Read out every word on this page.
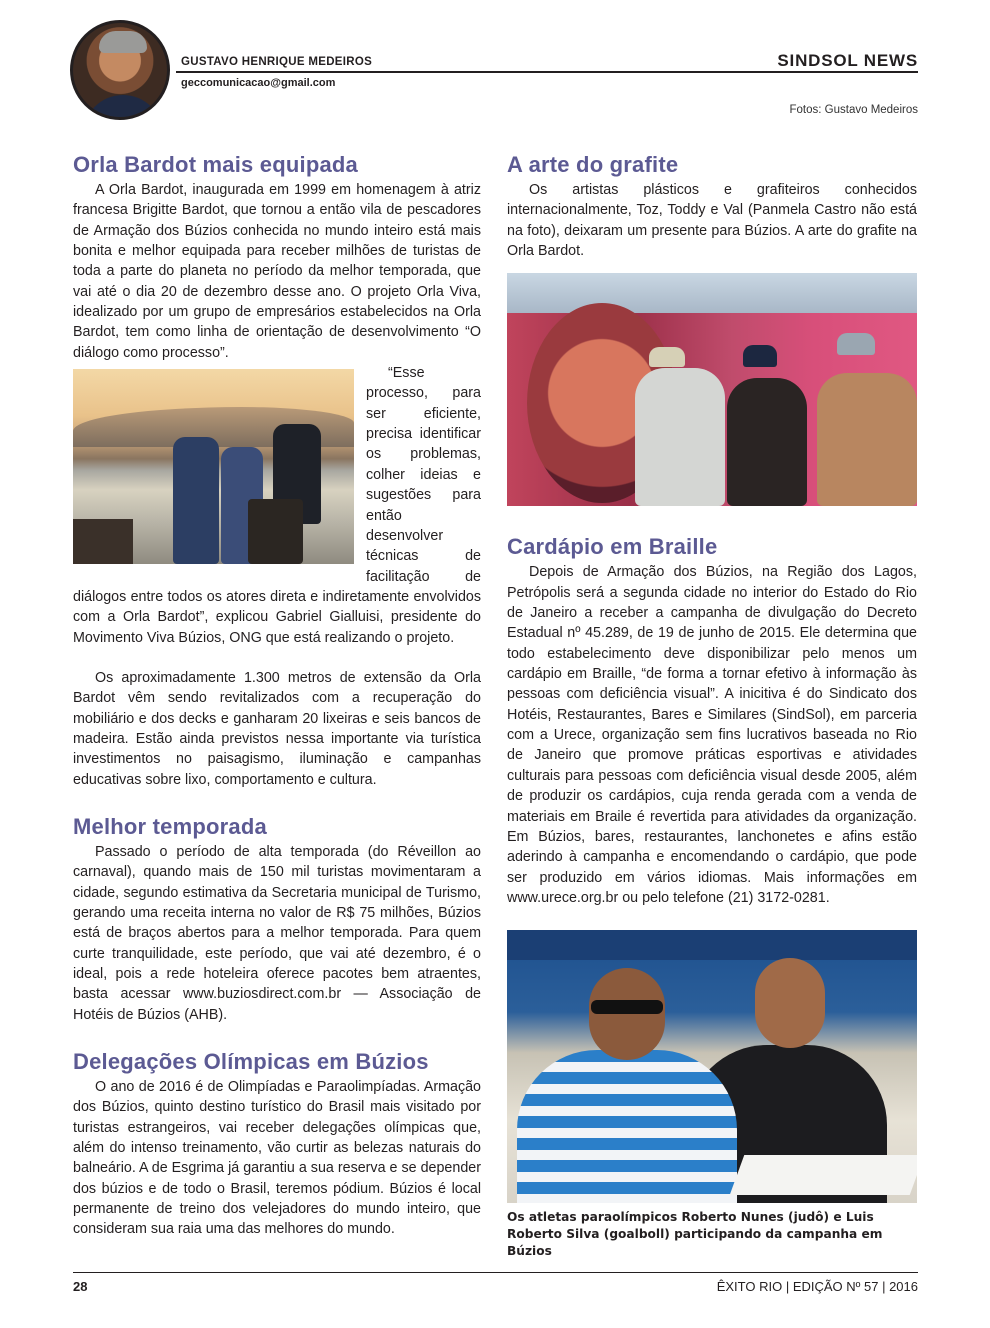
GUSTAVO HENRIQUE MEDEIROS
geccomunicacao@gmail.com
SINDSOL NEWS
Fotos: Gustavo Medeiros
Orla Bardot mais equipada

A Orla Bardot, inaugurada em 1999 em homenagem à atriz francesa Brigitte Bardot, que tornou a então vila de pescadores de Armação dos Búzios conhecida no mundo inteiro está mais bonita e melhor equipada para receber milhões de turistas de toda a parte do planeta no período da melhor temporada, que vai até o dia 20 de dezembro desse ano. O projeto Orla Viva, idealizado por um grupo de empresários estabelecidos na Orla Bardot, tem como linha de orientação de desenvolvimento “O diálogo como processo”.

“Esse processo, para ser eficiente, precisa identificar os problemas, colher ideias e sugestões para então desenvolver técnicas de facilitação de diálogos entre todos os atores direta e indiretamente envolvidos com a Orla Bardot”, explicou Gabriel Gialluisi, presidente do Movimento Viva Búzios, ONG que está realizando o projeto.

Os aproximadamente 1.300 metros de extensão da Orla Bardot vêm sendo revitalizados com a recuperação do mobiliário e dos decks e ganharam 20 lixeiras e seis bancos de madeira. Estão ainda previstos nessa importante via turística investimentos no paisagismo, iluminação e campanhas educativas sobre lixo, comportamento e cultura.

Melhor temporada

Passado o período de alta temporada (do Réveillon ao carnaval), quando mais de 150 mil turistas movimentaram a cidade, segundo estimativa da Secretaria municipal de Turismo, gerando uma receita interna no valor de R$ 75 milhões, Búzios está de braços abertos para a melhor temporada. Para quem curte tranquilidade, este período, que vai até dezembro, é o ideal, pois a rede hoteleira oferece pacotes bem atraentes, basta acessar www.buziosdirect.com.br — Associação de Hotéis de Búzios (AHB).

Delegações Olímpicas em Búzios

O ano de 2016 é de Olimpíadas e Paraolimpíadas. Armação dos Búzios, quinto destino turístico do Brasil mais visitado por turistas estrangeiros, vai receber delegações olímpicas que, além do intenso treinamento, vão curtir as belezas naturais do balneário. A de Esgrima já garantiu a sua reserva e se depender dos búzios e de todo o Brasil, teremos pódium. Búzios é local permanente de treino dos velejadores do mundo inteiro, que consideram sua raia uma das melhores do mundo.

A arte do grafite

Os artistas plásticos e grafiteiros conhecidos internacionalmente, Toz, Toddy e Val (Panmela Castro não está na foto), deixaram um presente para Búzios. A arte do grafite na Orla Bardot.

Cardápio em Braille

Depois de Armação dos Búzios, na Região dos Lagos, Petrópolis será a segunda cidade no interior do Estado do Rio de Janeiro a receber a campanha de divulgação do Decreto Estadual nº 45.289, de 19 de junho de 2015. Ele determina que todo estabelecimento deve disponibilizar pelo menos um cardápio em Braille, “de forma a tornar efetivo à informação às pessoas com deficiência visual”. A inicitiva é do Sindicato dos Hotéis, Restaurantes, Bares e Similares (SindSol), em parceria com a Urece, organização sem fins lucrativos baseada no Rio de Janeiro que promove práticas esportivas e atividades culturais para pessoas com deficiência visual desde 2005, além de produzir os cardápios, cuja renda gerada com a venda de materiais em Braile é revertida para atividades da organização. Em Búzios, bares, restaurantes, lanchonetes e afins estão aderindo à campanha e encomendando o cardápio, que pode ser produzido em vários idiomas. Mais informações em www.urece.org.br ou pelo telefone (21) 3172-0281.

Os atletas paraolímpicos Roberto Nunes (judô) e Luis Roberto Silva (goalboll) participando da campanha em Búzios
28	ÊXITO RIO | EDIÇÃO Nº 57 | 2016
